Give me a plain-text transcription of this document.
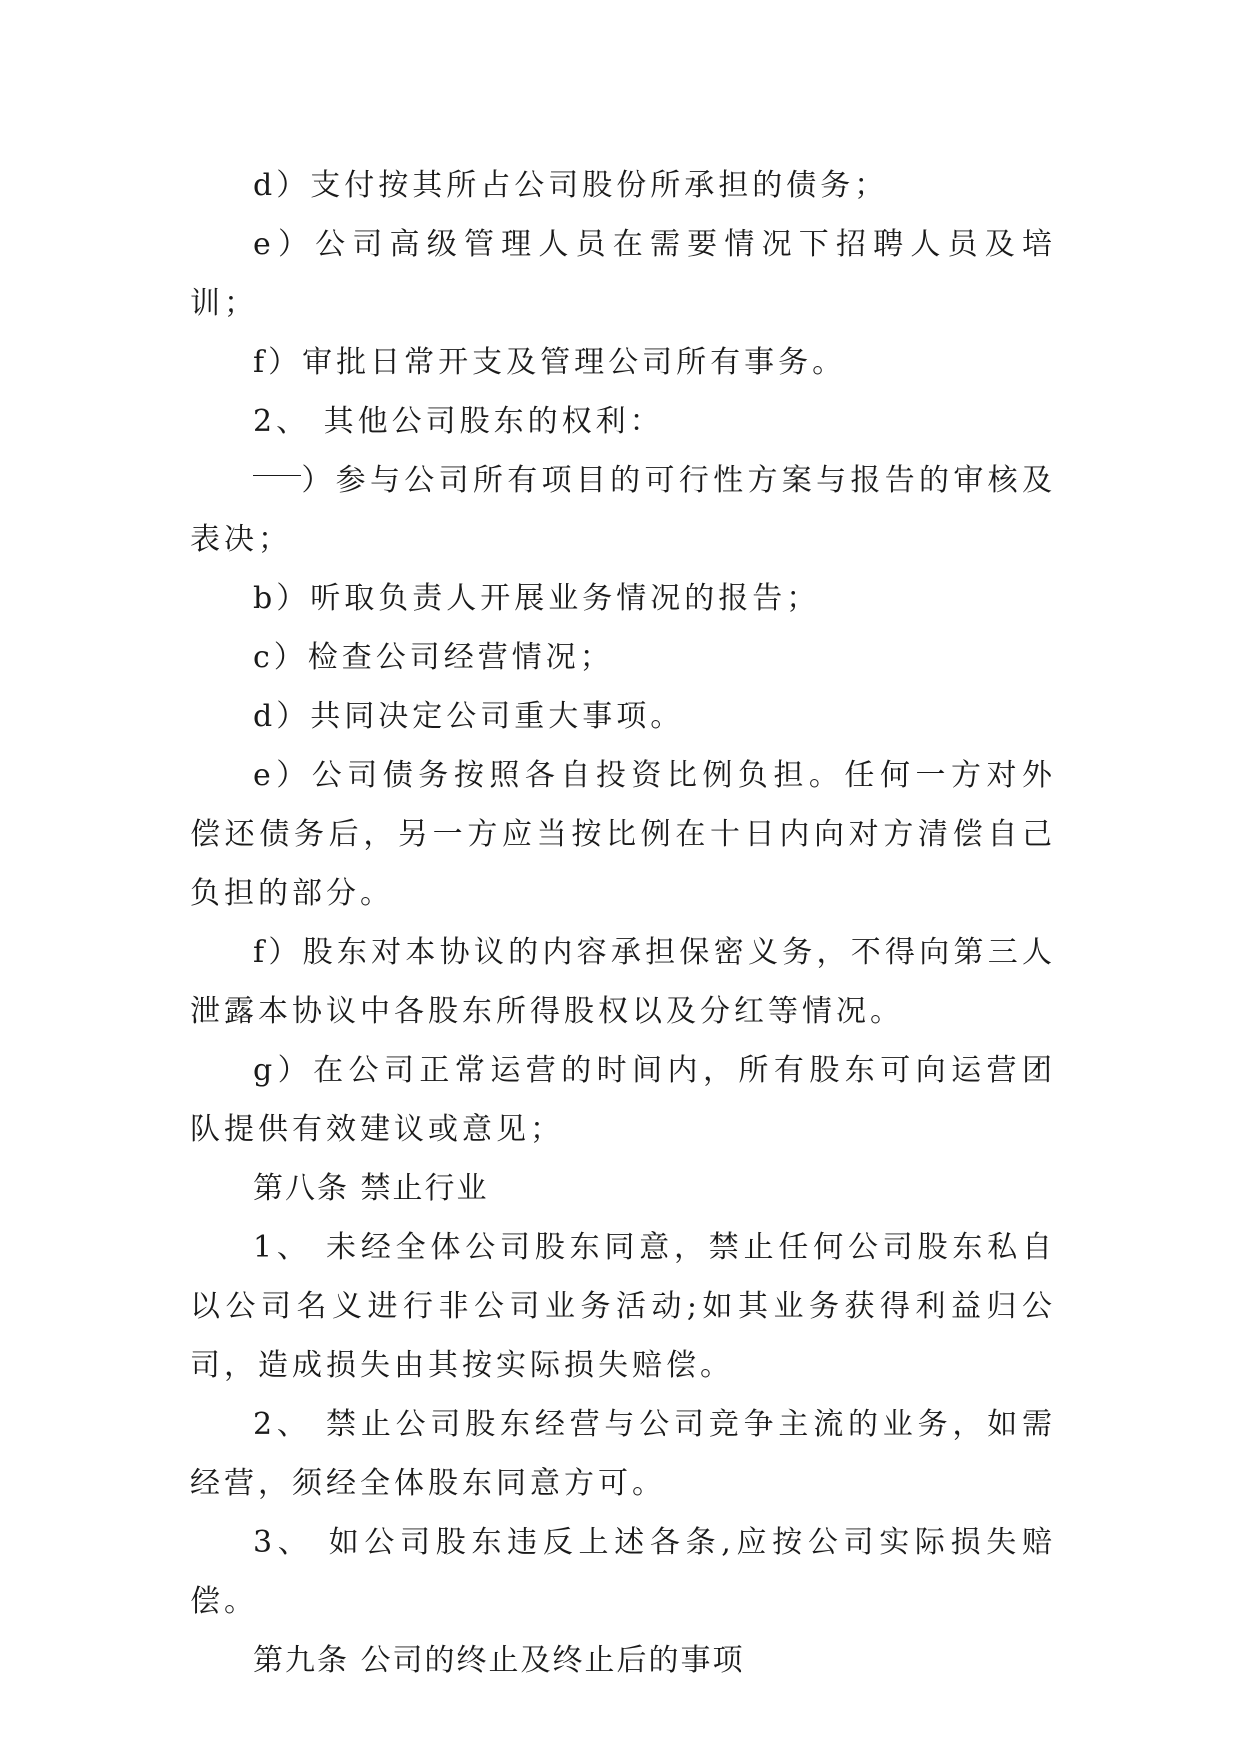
d）支付按其所占公司股份所承担的债务；

e）公司高级管理人员在需要情况下招聘人员及培训；

f）审批日常开支及管理公司所有事务。

2、 其他公司股东的权利：

）参与公司所有项目的可行性方案与报告的审核及表决；

b）听取负责人开展业务情况的报告；

c）检查公司经营情况；

d）共同决定公司重大事项。

e）公司债务按照各自投资比例负担。任何一方对外偿还债务后，另一方应当按比例在十日内向对方清偿自己负担的部分。

f）股东对本协议的内容承担保密义务，不得向第三人泄露本协议中各股东所得股权以及分红等情况。

g）在公司正常运营的时间内，所有股东可向运营团队提供有效建议或意见；

第八条 禁止行业

1、 未经全体公司股东同意，禁止任何公司股东私自以公司名义进行非公司业务活动;如其业务获得利益归公司，造成损失由其按实际损失赔偿。

2、 禁止公司股东经营与公司竞争主流的业务，如需经营，须经全体股东同意方可。

3、 如公司股东违反上述各条,应按公司实际损失赔偿。

第九条 公司的终止及终止后的事项
